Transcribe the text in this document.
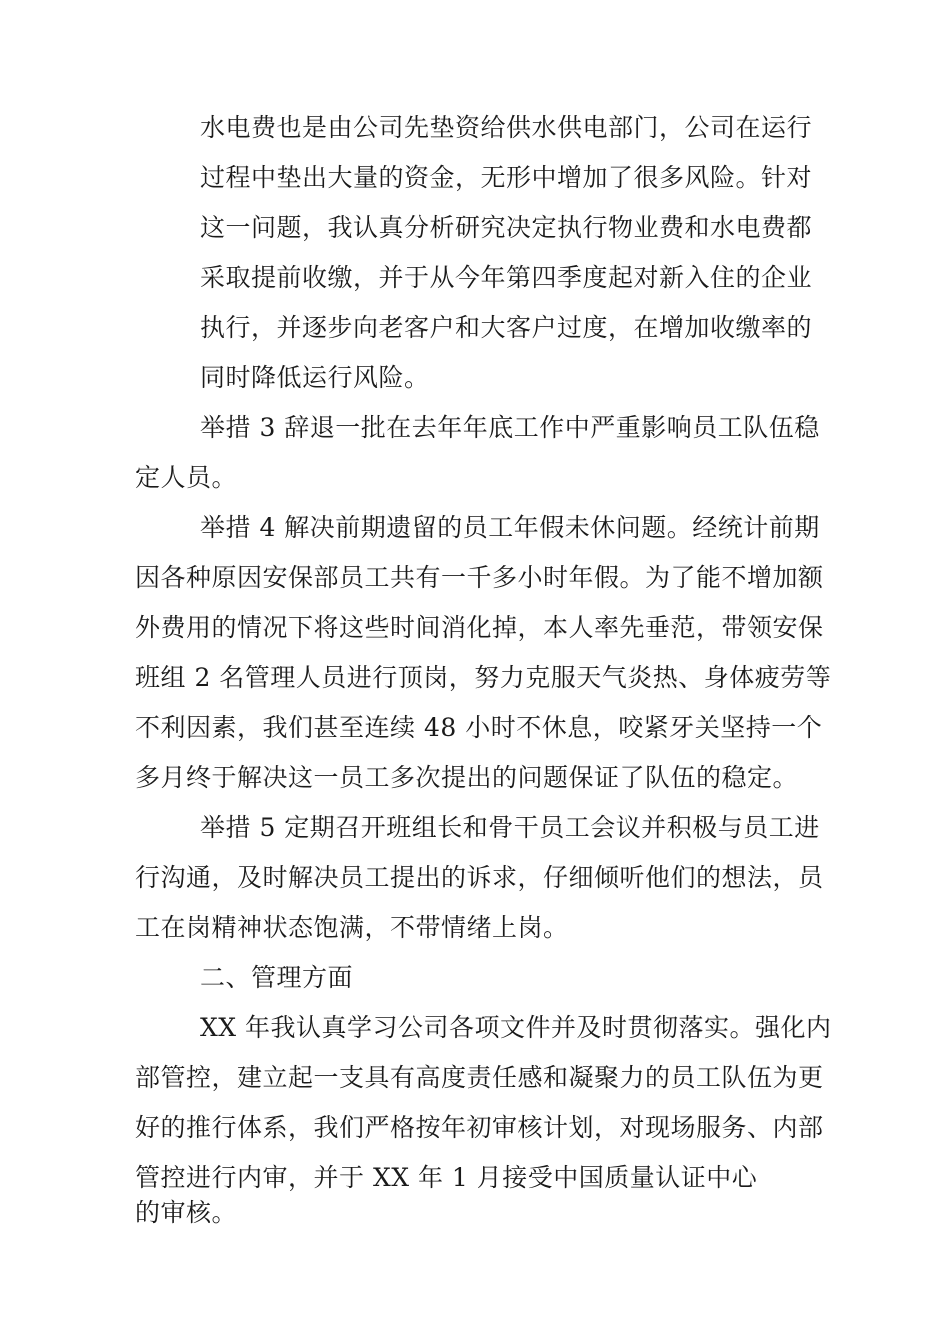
水电费也是由公司先垫资给供水供电部门，公司在运行
过程中垫出大量的资金，无形中增加了很多风险。针对
这一问题，我认真分析研究决定执行物业费和水电费都
采取提前收缴，并于从今年第四季度起对新入住的企业
执行，并逐步向老客户和大客户过度，在增加收缴率的
同时降低运行风险。
举措 3 辞退一批在去年年底工作中严重影响员工队伍稳
定人员。
举措 4 解决前期遗留的员工年假未休问题。经统计前期
因各种原因安保部员工共有一千多小时年假。为了能不增加额
外费用的情况下将这些时间消化掉，本人率先垂范，带领安保
班组 2 名管理人员进行顶岗，努力克服天气炎热、身体疲劳等
不利因素，我们甚至连续 48 小时不休息，咬紧牙关坚持一个
多月终于解决这一员工多次提出的问题保证了队伍的稳定。
举措 5 定期召开班组长和骨干员工会议并积极与员工进
行沟通，及时解决员工提出的诉求，仔细倾听他们的想法，员
工在岗精神状态饱满，不带情绪上岗。
二、管理方面
XX 年我认真学习公司各项文件并及时贯彻落实。强化内
部管控，建立起一支具有高度责任感和凝聚力的员工队伍为更
好的推行体系，我们严格按年初审核计划，对现场服务、内部
管控进行内审，并于 XX 年 1 月接受中国质量认证中心
的审核。
